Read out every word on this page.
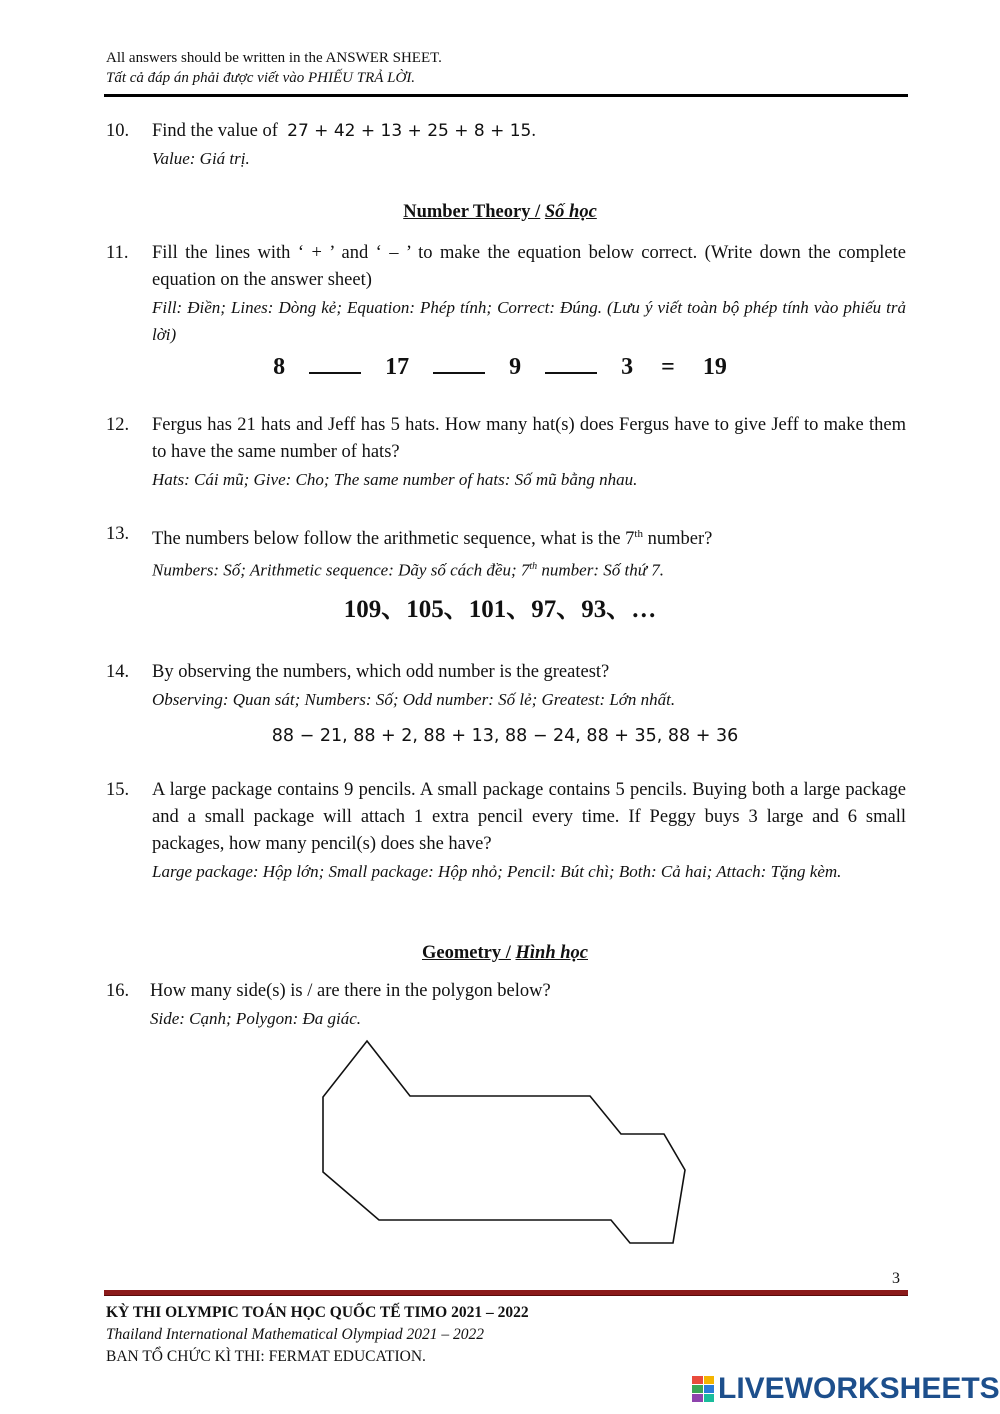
All answers should be written in the ANSWER SHEET.
Tất cả đáp án phải được viết vào PHIẾU TRẢ LỜI.
10.	Find the value of 27 + 42 + 13 + 25 + 8 + 15.
Value: Giá trị.
Number Theory / Số học
11.	Fill the lines with ‘ + ’ and ‘ – ’ to make the equation below correct. (Write down the complete equation on the answer sheet)
Fill: Điền; Lines: Dòng kẻ; Equation: Phép tính; Correct: Đúng. (Lưu ý viết toàn bộ phép tính vào phiếu trả lời)
8	17	9	3 = 19
12.	Fergus has 21 hats and Jeff has 5 hats. How many hat(s) does Fergus have to give Jeff to make them to have the same number of hats?
Hats: Cái mũ; Give: Cho; The same number of hats: Số mũ bằng nhau.
13.	The numbers below follow the arithmetic sequence, what is the 7th number?
Numbers: Số; Arithmetic sequence: Dãy số cách đều; 7th number: Số thứ 7.
109、105、101、97、93、…
14.	By observing the numbers, which odd number is the greatest?
Observing: Quan sát; Numbers: Số; Odd number: Số lẻ; Greatest: Lớn nhất.
88 − 21, 88 + 2, 88 + 13, 88 − 24, 88 + 35, 88 + 36
15.	A large package contains 9 pencils. A small package contains 5 pencils. Buying both a large package and a small package will attach 1 extra pencil every time. If Peggy buys 3 large and 6 small packages, how many pencil(s) does she have?
Large package: Hộp lớn; Small package: Hộp nhỏ; Pencil: Bút chì; Both: Cả hai; Attach: Tặng kèm.
Geometry / Hình học
16.	How many side(s) is / are there in the polygon below?
Side: Cạnh; Polygon: Đa giác.
3
KỲ THI OLYMPIC TOÁN HỌC QUỐC TẾ TIMO 2021 – 2022
Thailand International Mathematical Olympiad 2021 – 2022
BAN TỔ CHỨC KÌ THI: FERMAT EDUCATION.
LIVEWORKSHEETS
